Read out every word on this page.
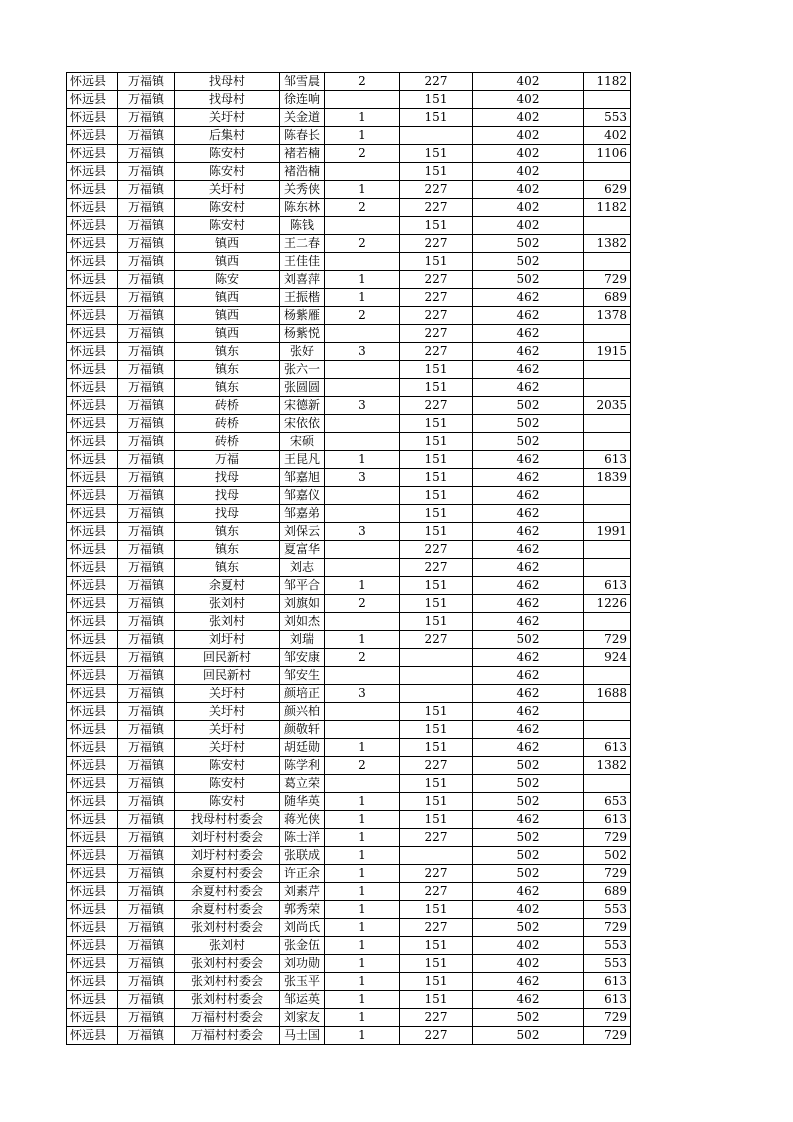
怀远县	万福镇	找母村	邹雪晨	2	227	402	1182
怀远县	万福镇	找母村	徐连响		151	402	
怀远县	万福镇	关圩村	关金道	1	151	402	553
怀远县	万福镇	后集村	陈春长	1		402	402
怀远县	万福镇	陈安村	褚若楠	2	151	402	1106
怀远县	万福镇	陈安村	褚浩楠		151	402	
怀远县	万福镇	关圩村	关秀侠	1	227	402	629
怀远县	万福镇	陈安村	陈东林	2	227	402	1182
怀远县	万福镇	陈安村	陈钱		151	402	
怀远县	万福镇	镇西	王二春	2	227	502	1382
怀远县	万福镇	镇西	王佳佳		151	502	
怀远县	万福镇	陈安	刘喜萍	1	227	502	729
怀远县	万福镇	镇西	王振楷	1	227	462	689
怀远县	万福镇	镇西	杨紫雁	2	227	462	1378
怀远县	万福镇	镇西	杨紫悦		227	462	
怀远县	万福镇	镇东	张好	3	227	462	1915
怀远县	万福镇	镇东	张六一		151	462	
怀远县	万福镇	镇东	张圆圆		151	462	
怀远县	万福镇	砖桥	宋德新	3	227	502	2035
怀远县	万福镇	砖桥	宋依依		151	502	
怀远县	万福镇	砖桥	宋硕		151	502	
怀远县	万福镇	万福	王昆凡	1	151	462	613
怀远县	万福镇	找母	邹嘉旭	3	151	462	1839
怀远县	万福镇	找母	邹嘉仪		151	462	
怀远县	万福镇	找母	邹嘉弟		151	462	
怀远县	万福镇	镇东	刘保云	3	151	462	1991
怀远县	万福镇	镇东	夏富华		227	462	
怀远县	万福镇	镇东	刘志		227	462	
怀远县	万福镇	余夏村	邹平合	1	151	462	613
怀远县	万福镇	张刘村	刘旗如	2	151	462	1226
怀远县	万福镇	张刘村	刘如杰		151	462	
怀远县	万福镇	刘圩村	刘瑞	1	227	502	729
怀远县	万福镇	回民新村	邹安康	2		462	924
怀远县	万福镇	回民新村	邹安生			462	
怀远县	万福镇	关圩村	颜培正	3		462	1688
怀远县	万福镇	关圩村	颜兴柏		151	462	
怀远县	万福镇	关圩村	颜敬轩		151	462	
怀远县	万福镇	关圩村	胡廷勋	1	151	462	613
怀远县	万福镇	陈安村	陈学利	2	227	502	1382
怀远县	万福镇	陈安村	葛立荣		151	502	
怀远县	万福镇	陈安村	随华英	1	151	502	653
怀远县	万福镇	找母村村委会	蒋光侠	1	151	462	613
怀远县	万福镇	刘圩村村委会	陈士洋	1	227	502	729
怀远县	万福镇	刘圩村村委会	张联成	1		502	502
怀远县	万福镇	余夏村村委会	许正余	1	227	502	729
怀远县	万福镇	余夏村村委会	刘素芹	1	227	462	689
怀远县	万福镇	余夏村村委会	郭秀荣	1	151	402	553
怀远县	万福镇	张刘村村委会	刘尚氏	1	227	502	729
怀远县	万福镇	张刘村	张金伍	1	151	402	553
怀远县	万福镇	张刘村村委会	刘功勋	1	151	402	553
怀远县	万福镇	张刘村村委会	张玉平	1	151	462	613
怀远县	万福镇	张刘村村委会	邹运英	1	151	462	613
怀远县	万福镇	万福村村委会	刘家友	1	227	502	729
怀远县	万福镇	万福村村委会	马士国	1	227	502	729
